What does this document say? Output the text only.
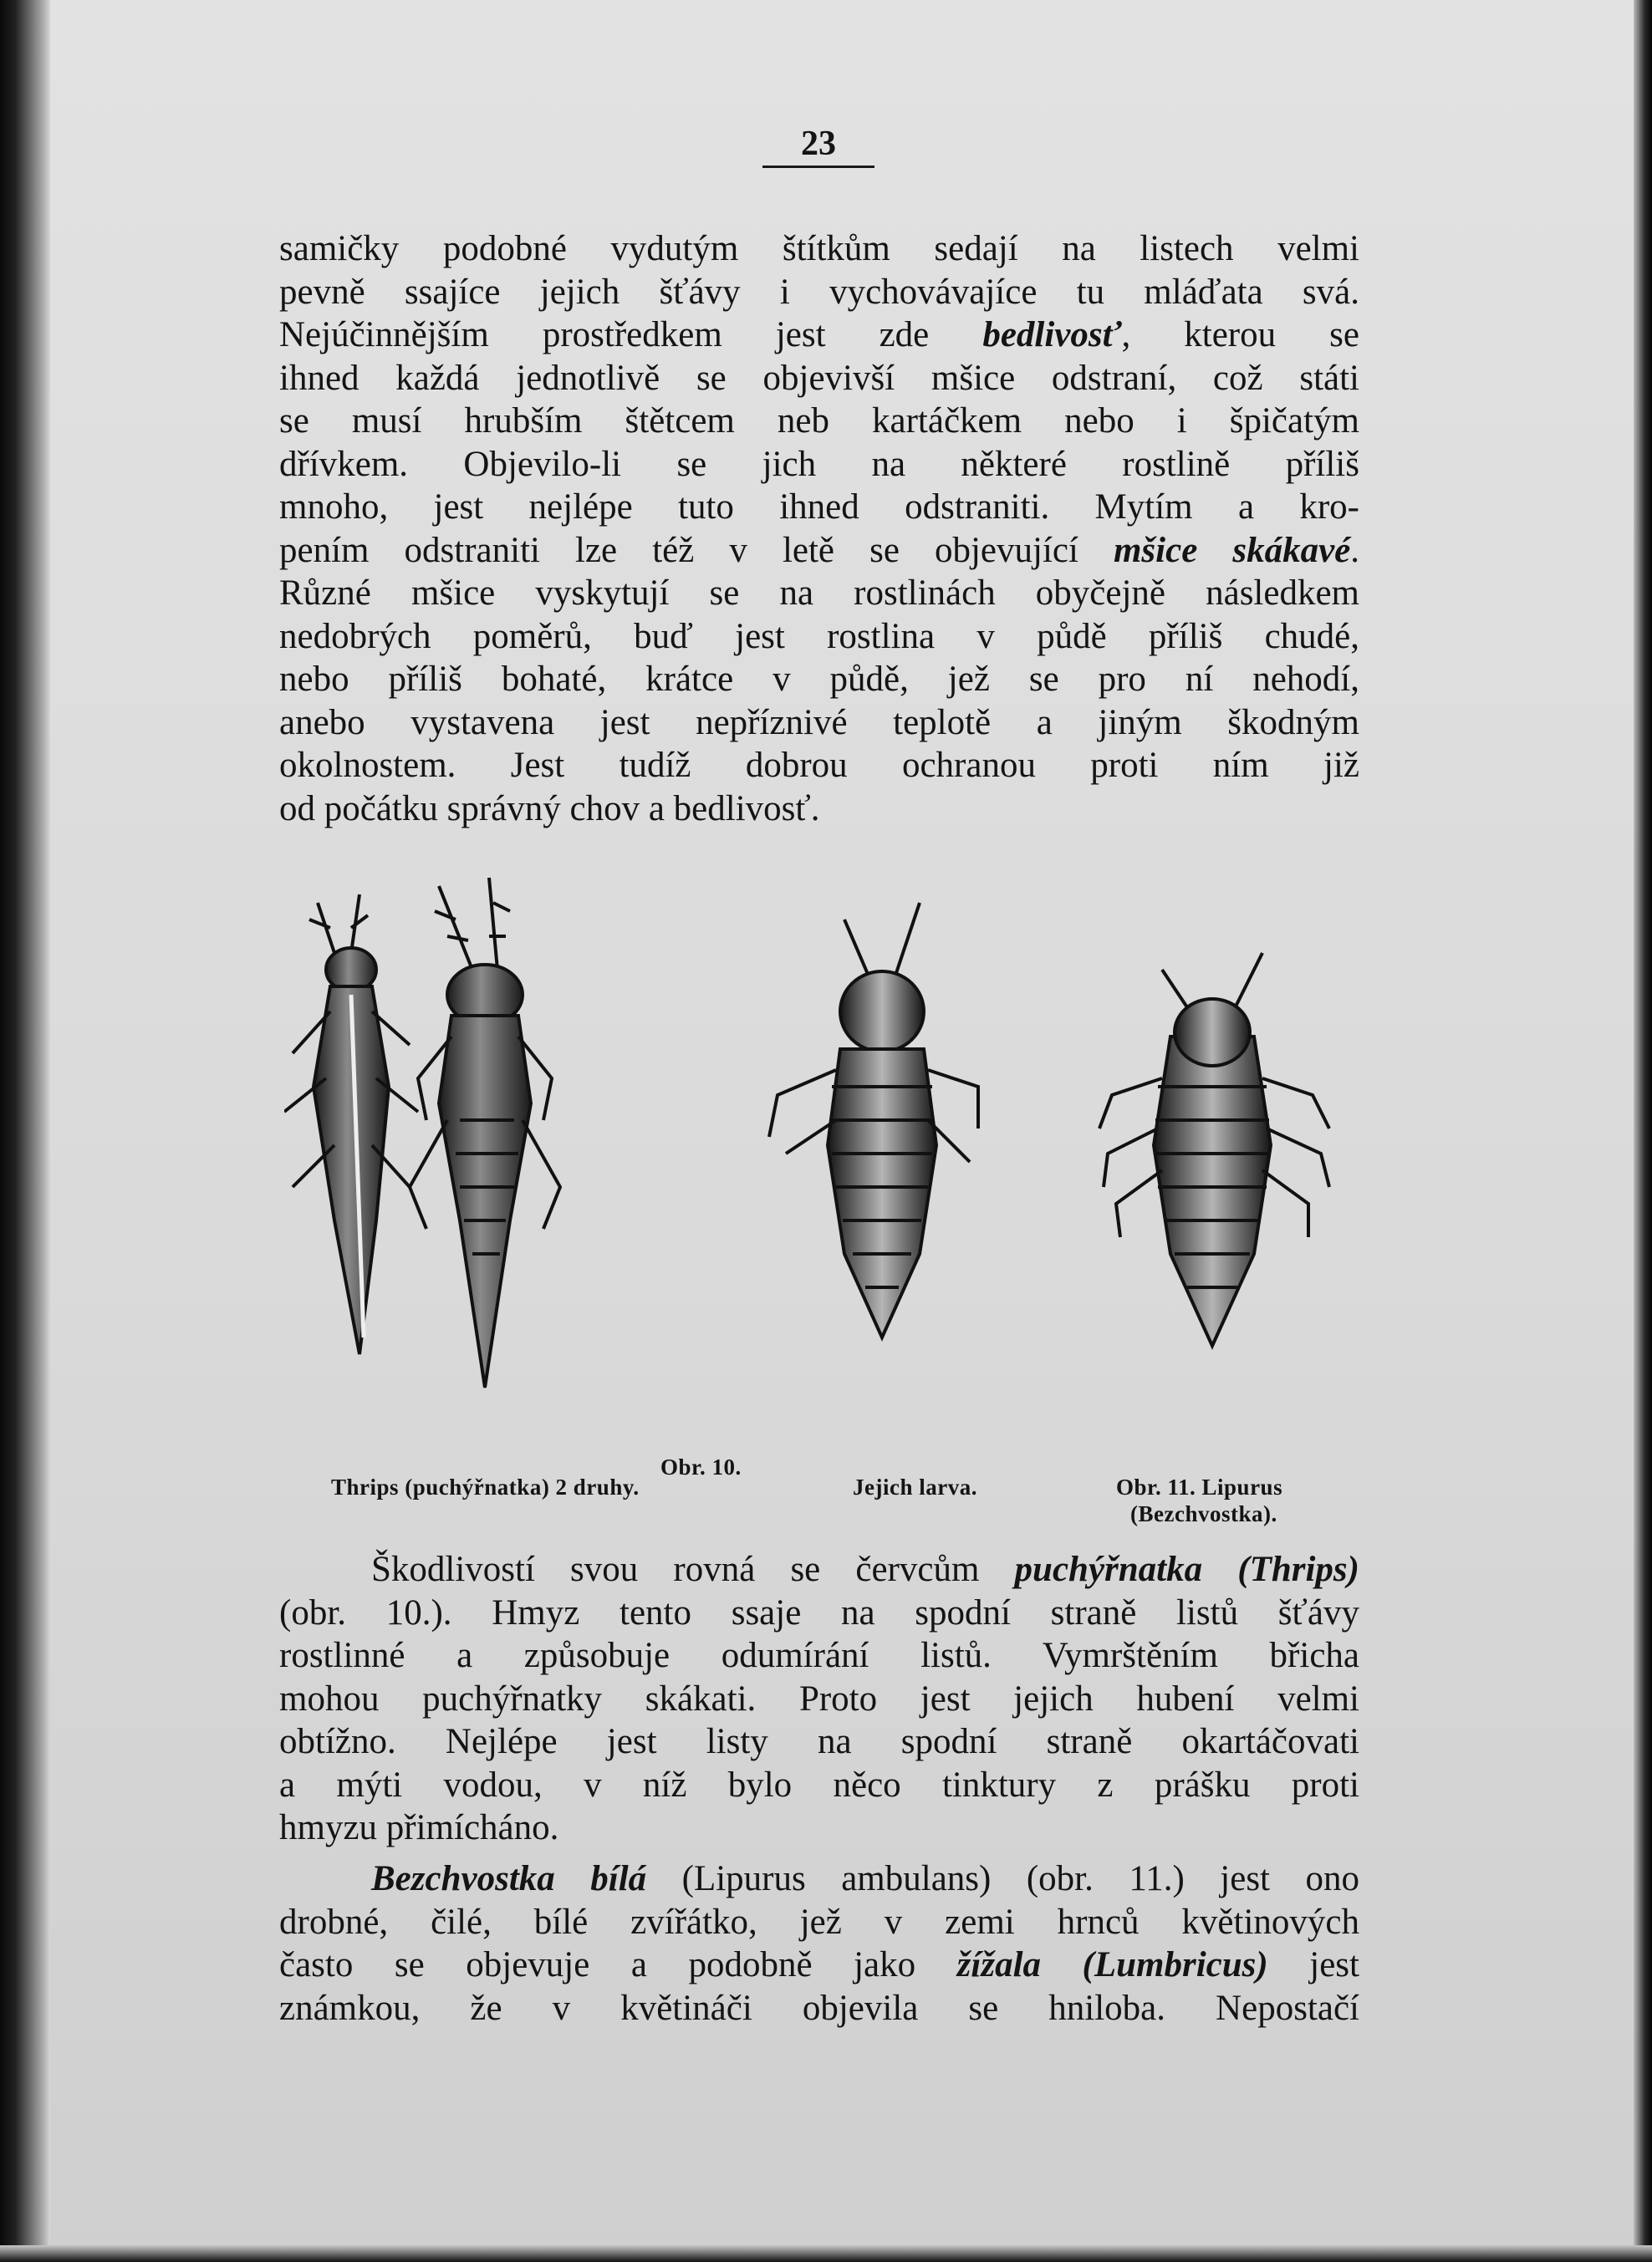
23
samičky podobné vydutým štítkům sedají na listech velmi
pevně ssajíce jejich šťávy i vychovávajíce tu mláďata svá.
Nejúčinnějším prostředkem jest zde bedlivosť, kterou se
ihned každá jednotlivě se objevivší mšice odstraní, což státi
se musí hrubším štětcem neb kartáčkem nebo i špičatým
dřívkem. Objevilo-li se jich na některé rostlině příliš
mnoho, jest nejlépe tuto ihned odstraniti. Mytím a kro-
pením odstraniti lze též v letě se objevující mšice skákavé.
Různé mšice vyskytují se na rostlinách obyčejně následkem
nedobrých poměrů, buď jest rostlina v půdě příliš chudé,
nebo příliš bohaté, krátce v půdě, jež se pro ní nehodí,
anebo vystavena jest nepříznivé teplotě a jiným škodným
okolnostem. Jest tudíž dobrou ochranou proti ním již
od počátku správný chov a bedlivosť.
Obr. 10.
Thrips (puchýřnatka) 2 druhy.	Jejich larva.	Obr. 11. Lipurus
(Bezchvostka).
Škodlivostí svou rovná se červcům puchýřnatka (Thrips)
(obr. 10.). Hmyz tento ssaje na spodní straně listů šťávy
rostlinné a způsobuje odumírání listů. Vymrštěním břicha
mohou puchýřnatky skákati. Proto jest jejich hubení velmi
obtížno. Nejlépe jest listy na spodní straně okartáčovati
a mýti vodou, v níž bylo něco tinktury z prášku proti
hmyzu přimícháno.
Bezchvostka bílá (Lipurus ambulans) (obr. 11.) jest ono
drobné, čilé, bílé zvířátko, jež v zemi hrnců květinových
často se objevuje a podobně jako žížala (Lumbricus) jest
známkou, že v květináči objevila se hniloba. Nepostačí
